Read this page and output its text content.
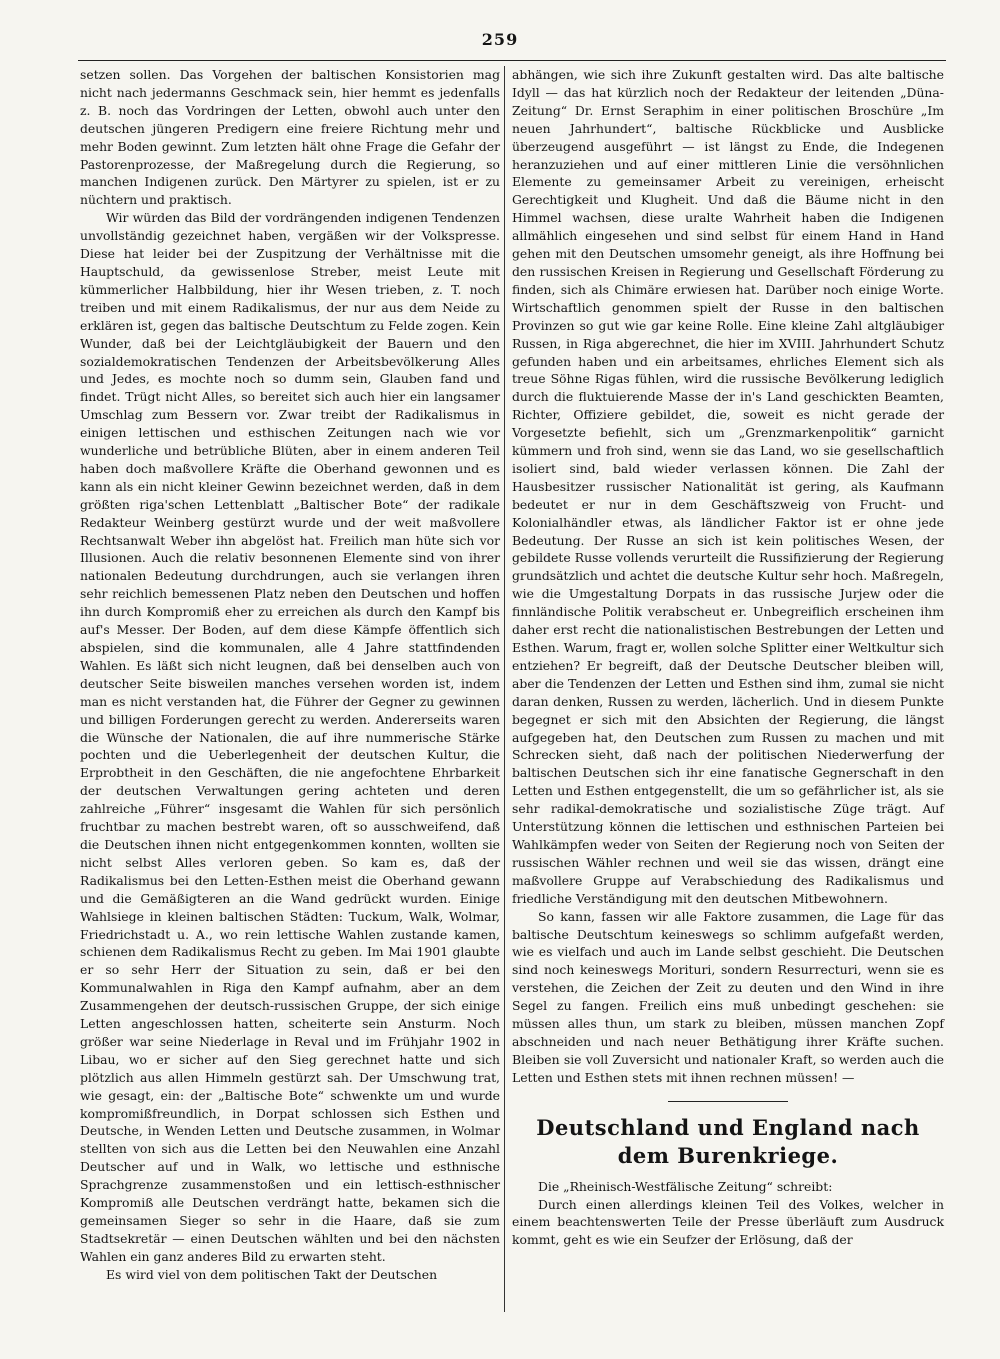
259

setzen sollen. Das Vorgehen der baltischen Konsistorien mag nicht nach jedermanns Geschmack sein, hier hemmt es jedenfalls z. B. noch das Vordringen der Letten, obwohl auch unter den deutschen jüngeren Predigern eine freiere Richtung mehr und mehr Boden gewinnt. Zum letzten hält ohne Frage die Gefahr der Pastorenprozesse, der Maßregelung durch die Regierung, so manchen Indigenen zurück. Den Märtyrer zu spielen, ist er zu nüchtern und praktisch.

Wir würden das Bild der vordrängenden indigenen Tendenzen unvollständig gezeichnet haben, vergäßen wir der Volkspresse. Diese hat leider bei der Zuspitzung der Verhältnisse mit die Hauptschuld, da gewissenlose Streber, meist Leute mit kümmerlicher Halbbildung, hier ihr Wesen trieben, z. T. noch treiben und mit einem Radikalismus, der nur aus dem Neide zu erklären ist, gegen das baltische Deutschtum zu Felde zogen. Kein Wunder, daß bei der Leichtgläubigkeit der Bauern und den sozialdemokratischen Tendenzen der Arbeitsbevölkerung Alles und Jedes, es mochte noch so dumm sein, Glauben fand und findet. Trügt nicht Alles, so bereitet sich auch hier ein langsamer Umschlag zum Bessern vor. Zwar treibt der Radikalismus in einigen lettischen und esthischen Zeitungen nach wie vor wunderliche und betrübliche Blüten, aber in einem anderen Teil haben doch maßvollere Kräfte die Oberhand gewonnen und es kann als ein nicht kleiner Gewinn bezeichnet werden, daß in dem größten riga'schen Lettenblatt „Baltischer Bote“ der radikale Redakteur Weinberg gestürzt wurde und der weit maßvollere Rechtsanwalt Weber ihn abgelöst hat. Freilich man hüte sich vor Illusionen. Auch die relativ besonnenen Elemente sind von ihrer nationalen Bedeutung durchdrungen, auch sie verlangen ihren sehr reichlich bemessenen Platz neben den Deutschen und hoffen ihn durch Kompromiß eher zu erreichen als durch den Kampf bis auf's Messer. Der Boden, auf dem diese Kämpfe öffentlich sich abspielen, sind die kommunalen, alle 4 Jahre stattfindenden Wahlen. Es läßt sich nicht leugnen, daß bei denselben auch von deutscher Seite bisweilen manches versehen worden ist, indem man es nicht verstanden hat, die Führer der Gegner zu gewinnen und billigen Forderungen gerecht zu werden. Andererseits waren die Wünsche der Nationalen, die auf ihre nummerische Stärke pochten und die Ueberlegenheit der deutschen Kultur, die Erprobtheit in den Geschäften, die nie angefochtene Ehrbarkeit der deutschen Verwaltungen gering achteten und deren zahlreiche „Führer“ insgesamt die Wahlen für sich persönlich fruchtbar zu machen bestrebt waren, oft so ausschweifend, daß die Deutschen ihnen nicht entgegenkommen konnten, wollten sie nicht selbst Alles verloren geben. So kam es, daß der Radikalismus bei den Letten-Esthen meist die Oberhand gewann und die Gemäßigteren an die Wand gedrückt wurden. Einige Wahlsiege in kleinen baltischen Städten: Tuckum, Walk, Wolmar, Friedrichstadt u. A., wo rein lettische Wahlen zustande kamen, schienen dem Radikalismus Recht zu geben. Im Mai 1901 glaubte er so sehr Herr der Situation zu sein, daß er bei den Kommunalwahlen in Riga den Kampf aufnahm, aber an dem Zusammengehen der deutsch-russischen Gruppe, der sich einige Letten angeschlossen hatten, scheiterte sein Ansturm. Noch größer war seine Niederlage in Reval und im Frühjahr 1902 in Libau, wo er sicher auf den Sieg gerechnet hatte und sich plötzlich aus allen Himmeln gestürzt sah. Der Umschwung trat, wie gesagt, ein: der „Baltische Bote“ schwenkte um und wurde kompromißfreundlich, in Dorpat schlossen sich Esthen und Deutsche, in Wenden Letten und Deutsche zusammen, in Wolmar stellten von sich aus die Letten bei den Neuwahlen eine Anzahl Deutscher auf und in Walk, wo lettische und esthnische Sprachgrenze zusammenstoßen und ein lettisch-esthnischer Kompromiß alle Deutschen verdrängt hatte, bekamen sich die gemeinsamen Sieger so sehr in die Haare, daß sie zum Stadtsekretär — einen Deutschen wählten und bei den nächsten Wahlen ein ganz anderes Bild zu erwarten steht.

Es wird viel von dem politischen Takt der Deutschen

abhängen, wie sich ihre Zukunft gestalten wird. Das alte baltische Idyll — das hat kürzlich noch der Redakteur der leitenden „Düna-Zeitung“ Dr. Ernst Seraphim in einer politischen Broschüre „Im neuen Jahrhundert“, baltische Rückblicke und Ausblicke überzeugend ausgeführt — ist längst zu Ende, die Indegenen heranzuziehen und auf einer mittleren Linie die versöhnlichen Elemente zu gemeinsamer Arbeit zu vereinigen, erheischt Gerechtigkeit und Klugheit. Und daß die Bäume nicht in den Himmel wachsen, diese uralte Wahrheit haben die Indigenen allmählich eingesehen und sind selbst für einem Hand in Hand gehen mit den Deutschen umsomehr geneigt, als ihre Hoffnung bei den russischen Kreisen in Regierung und Gesellschaft Förderung zu finden, sich als Chimäre erwiesen hat. Darüber noch einige Worte. Wirtschaftlich genommen spielt der Russe in den baltischen Provinzen so gut wie gar keine Rolle. Eine kleine Zahl altgläubiger Russen, in Riga abgerechnet, die hier im XVIII. Jahrhundert Schutz gefunden haben und ein arbeitsames, ehrliches Element sich als treue Söhne Rigas fühlen, wird die russische Bevölkerung lediglich durch die fluktuierende Masse der in's Land geschickten Beamten, Richter, Offiziere gebildet, die, soweit es nicht gerade der Vorgesetzte befiehlt, sich um „Grenzmarkenpolitik“ garnicht kümmern und froh sind, wenn sie das Land, wo sie gesellschaftlich isoliert sind, bald wieder verlassen können. Die Zahl der Hausbesitzer russischer Nationalität ist gering, als Kaufmann bedeutet er nur in dem Geschäftszweig von Frucht- und Kolonialhändler etwas, als ländlicher Faktor ist er ohne jede Bedeutung. Der Russe an sich ist kein politisches Wesen, der gebildete Russe vollends verurteilt die Russifizierung der Regierung grundsätzlich und achtet die deutsche Kultur sehr hoch. Maßregeln, wie die Umgestaltung Dorpats in das russische Jurjew oder die finnländische Politik verabscheut er. Unbegreiflich erscheinen ihm daher erst recht die nationalistischen Bestrebungen der Letten und Esthen. Warum, fragt er, wollen solche Splitter einer Weltkultur sich entziehen? Er begreift, daß der Deutsche Deutscher bleiben will, aber die Tendenzen der Letten und Esthen sind ihm, zumal sie nicht daran denken, Russen zu werden, lächerlich. Und in diesem Punkte begegnet er sich mit den Absichten der Regierung, die längst aufgegeben hat, den Deutschen zum Russen zu machen und mit Schrecken sieht, daß nach der politischen Niederwerfung der baltischen Deutschen sich ihr eine fanatische Gegnerschaft in den Letten und Esthen entgegenstellt, die um so gefährlicher ist, als sie sehr radikal-demokratische und sozialistische Züge trägt. Auf Unterstützung können die lettischen und esthnischen Parteien bei Wahlkämpfen weder von Seiten der Regierung noch von Seiten der russischen Wähler rechnen und weil sie das wissen, drängt eine maßvollere Gruppe auf Verabschiedung des Radikalismus und friedliche Verständigung mit den deutschen Mitbewohnern.

So kann, fassen wir alle Faktore zusammen, die Lage für das baltische Deutschtum keineswegs so schlimm aufgefaßt werden, wie es vielfach und auch im Lande selbst geschieht. Die Deutschen sind noch keineswegs Morituri, sondern Resurrecturi, wenn sie es verstehen, die Zeichen der Zeit zu deuten und den Wind in ihre Segel zu fangen. Freilich eins muß unbedingt geschehen: sie müssen alles thun, um stark zu bleiben, müssen manchen Zopf abschneiden und nach neuer Bethätigung ihrer Kräfte suchen. Bleiben sie voll Zuversicht und nationaler Kraft, so werden auch die Letten und Esthen stets mit ihnen rechnen müssen! —

Deutschland und England nach dem Burenkriege.

Die „Rheinisch-Westfälische Zeitung“ schreibt:

Durch einen allerdings kleinen Teil des Volkes, welcher in einem beachtenswerten Teile der Presse überläuft zum Ausdruck kommt, geht es wie ein Seufzer der Erlösung, daß der
